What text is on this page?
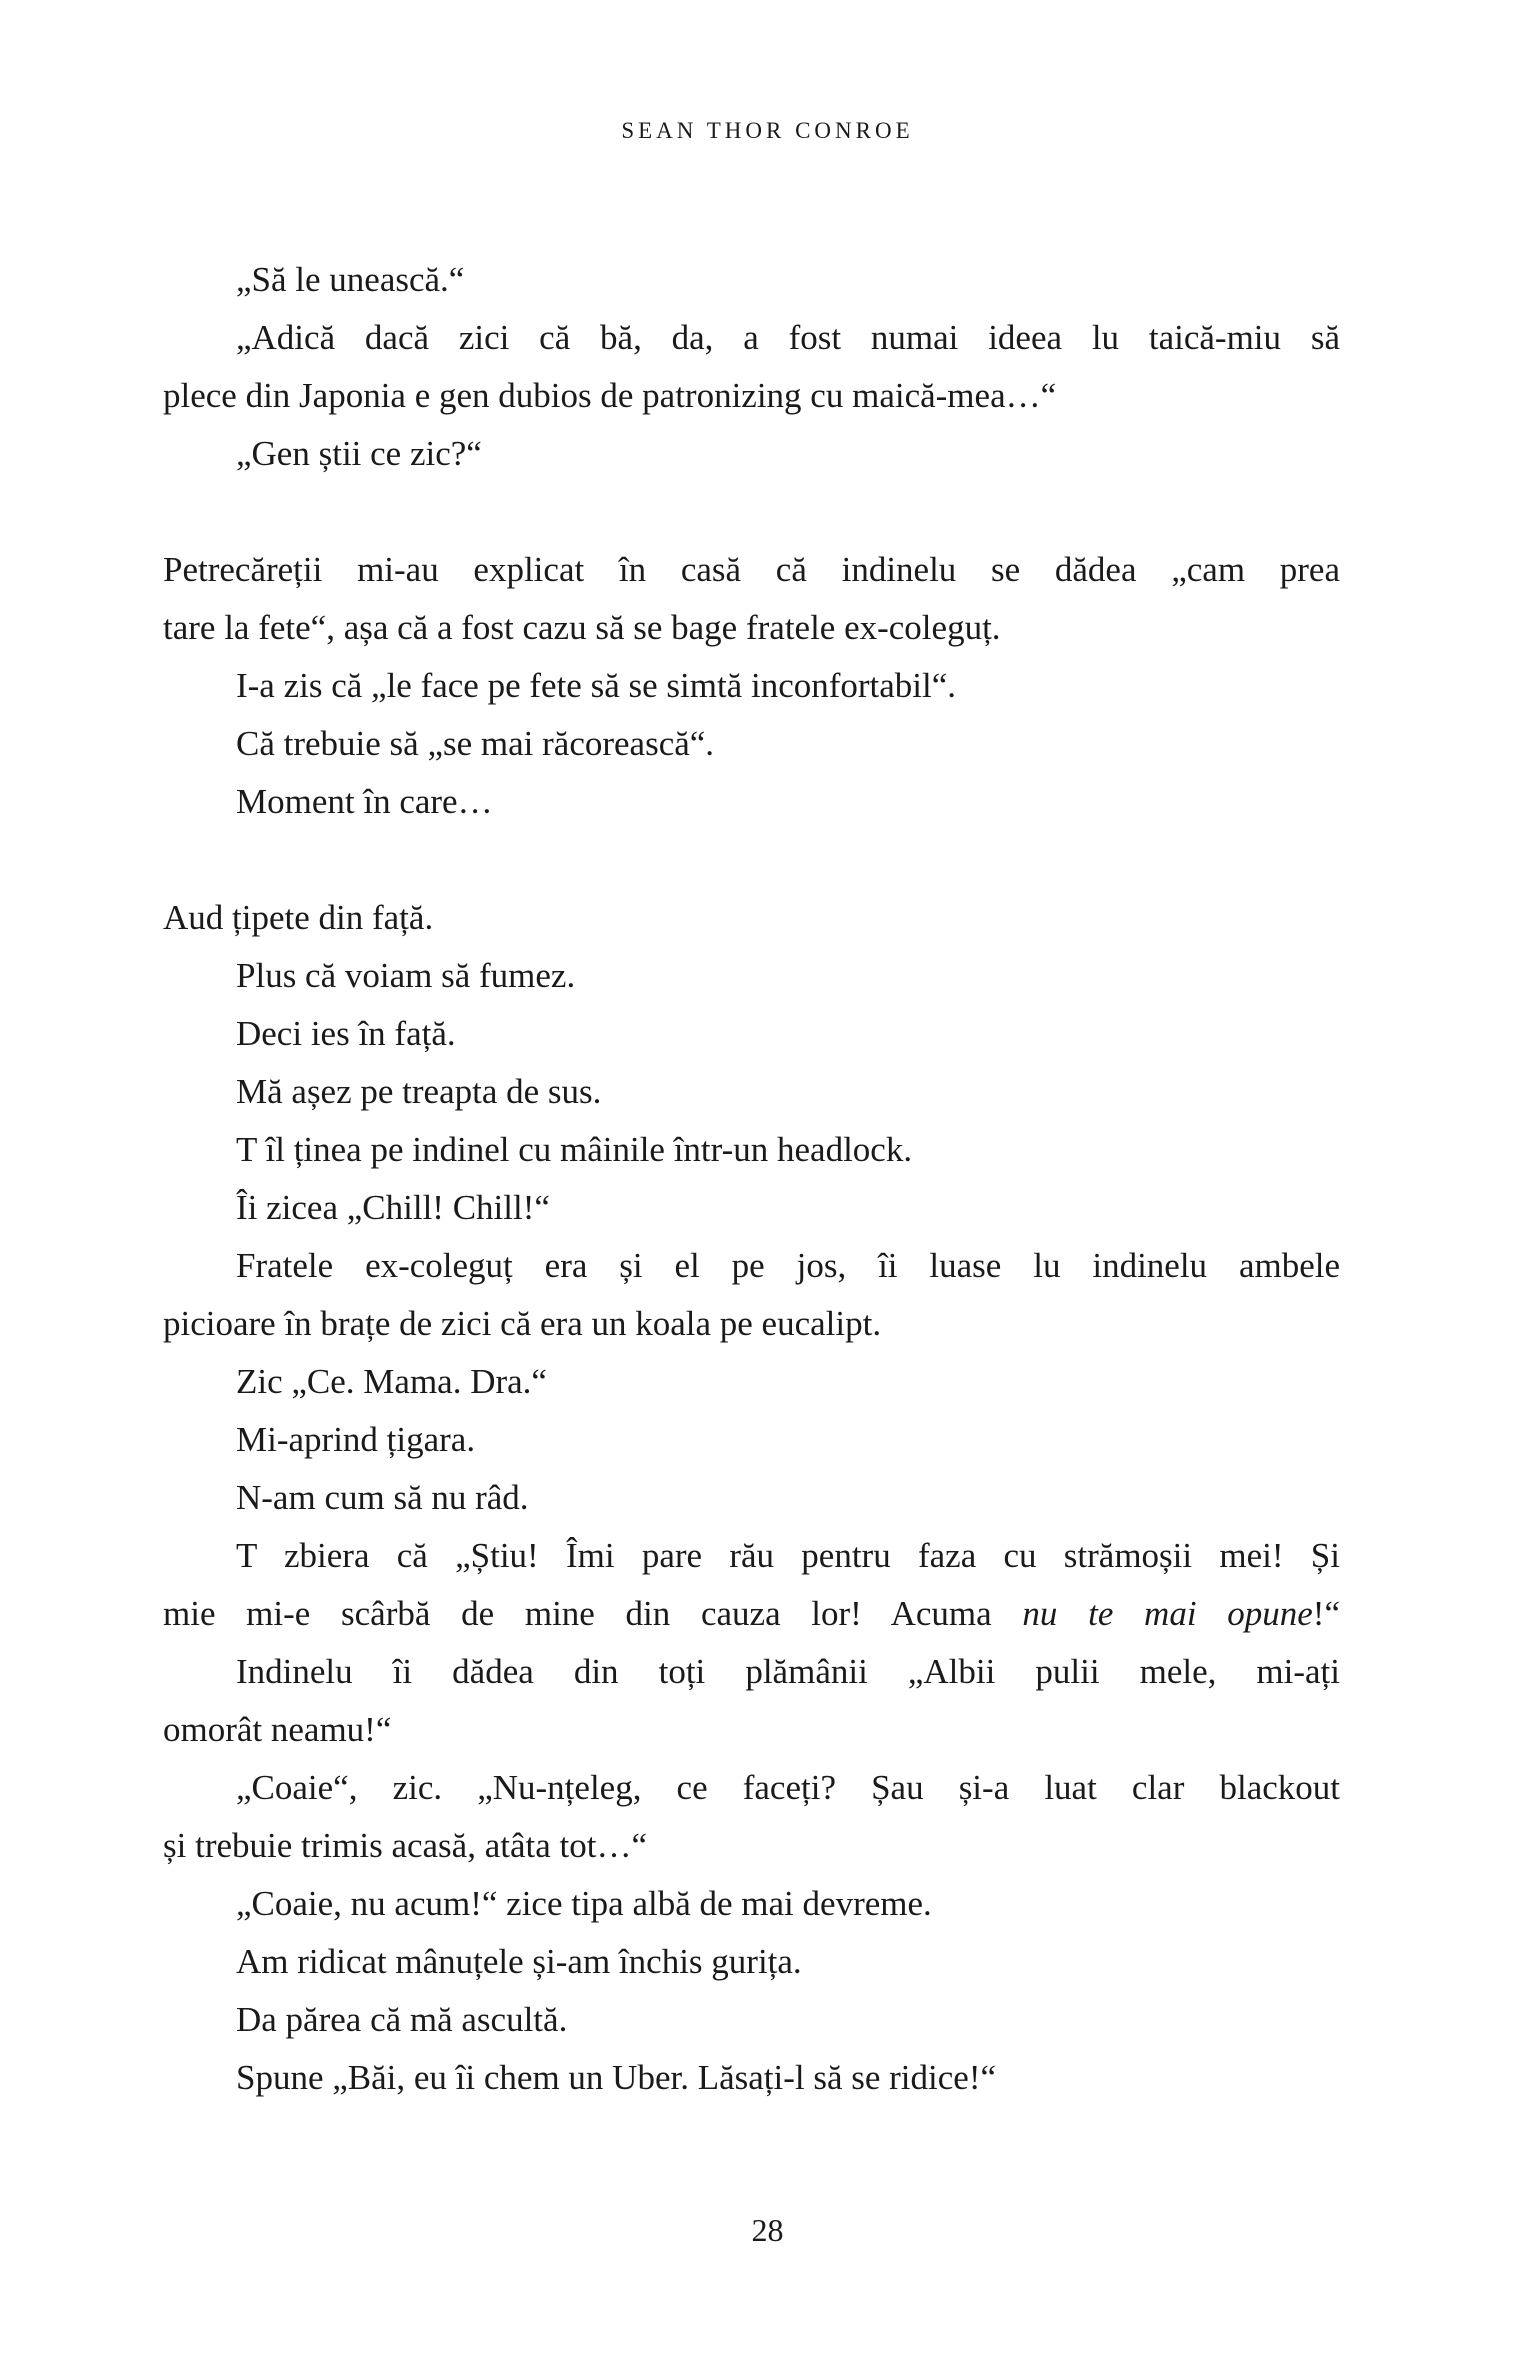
SEAN THOR CONROE
„Să le unească.“
„Adică dacă zici că bă, da, a fost numai ideea lu taică-miu să
plece din Japonia e gen dubios de patronizing cu maică-mea…“
„Gen știi ce zic?“
Petrecăreții mi-au explicat în casă că indinelu se dădea „cam prea
tare la fete“, așa că a fost cazu să se bage fratele ex-coleguț.
I-a zis că „le face pe fete să se simtă inconfortabil“.
Că trebuie să „se mai răcorească“.
Moment în care…
Aud țipete din față.
Plus că voiam să fumez.
Deci ies în față.
Mă așez pe treapta de sus.
T îl ținea pe indinel cu mâinile într-un headlock.
Îi zicea „Chill! Chill!“
Fratele ex-coleguț era și el pe jos, îi luase lu indinelu ambele
picioare în brațe de zici că era un koala pe eucalipt.
Zic „Ce. Mama. Dra.“
Mi-aprind țigara.
N-am cum să nu râd.
T zbiera că „Știu! Îmi pare rău pentru faza cu strămoșii mei! Și
mie mi-e scârbă de mine din cauza lor! Acuma nu te mai opune!“
Indinelu îi dădea din toți plămânii „Albii pulii mele, mi-ați
omorât neamu!“
„Coaie“, zic. „Nu-nțeleg, ce faceți? Șau și-a luat clar blackout
și trebuie trimis acasă, atâta tot…“
„Coaie, nu acum!“ zice tipa albă de mai devreme.
Am ridicat mânuțele și-am închis gurița.
Da părea că mă ascultă.
Spune „Băi, eu îi chem un Uber. Lăsați-l să se ridice!“
28
